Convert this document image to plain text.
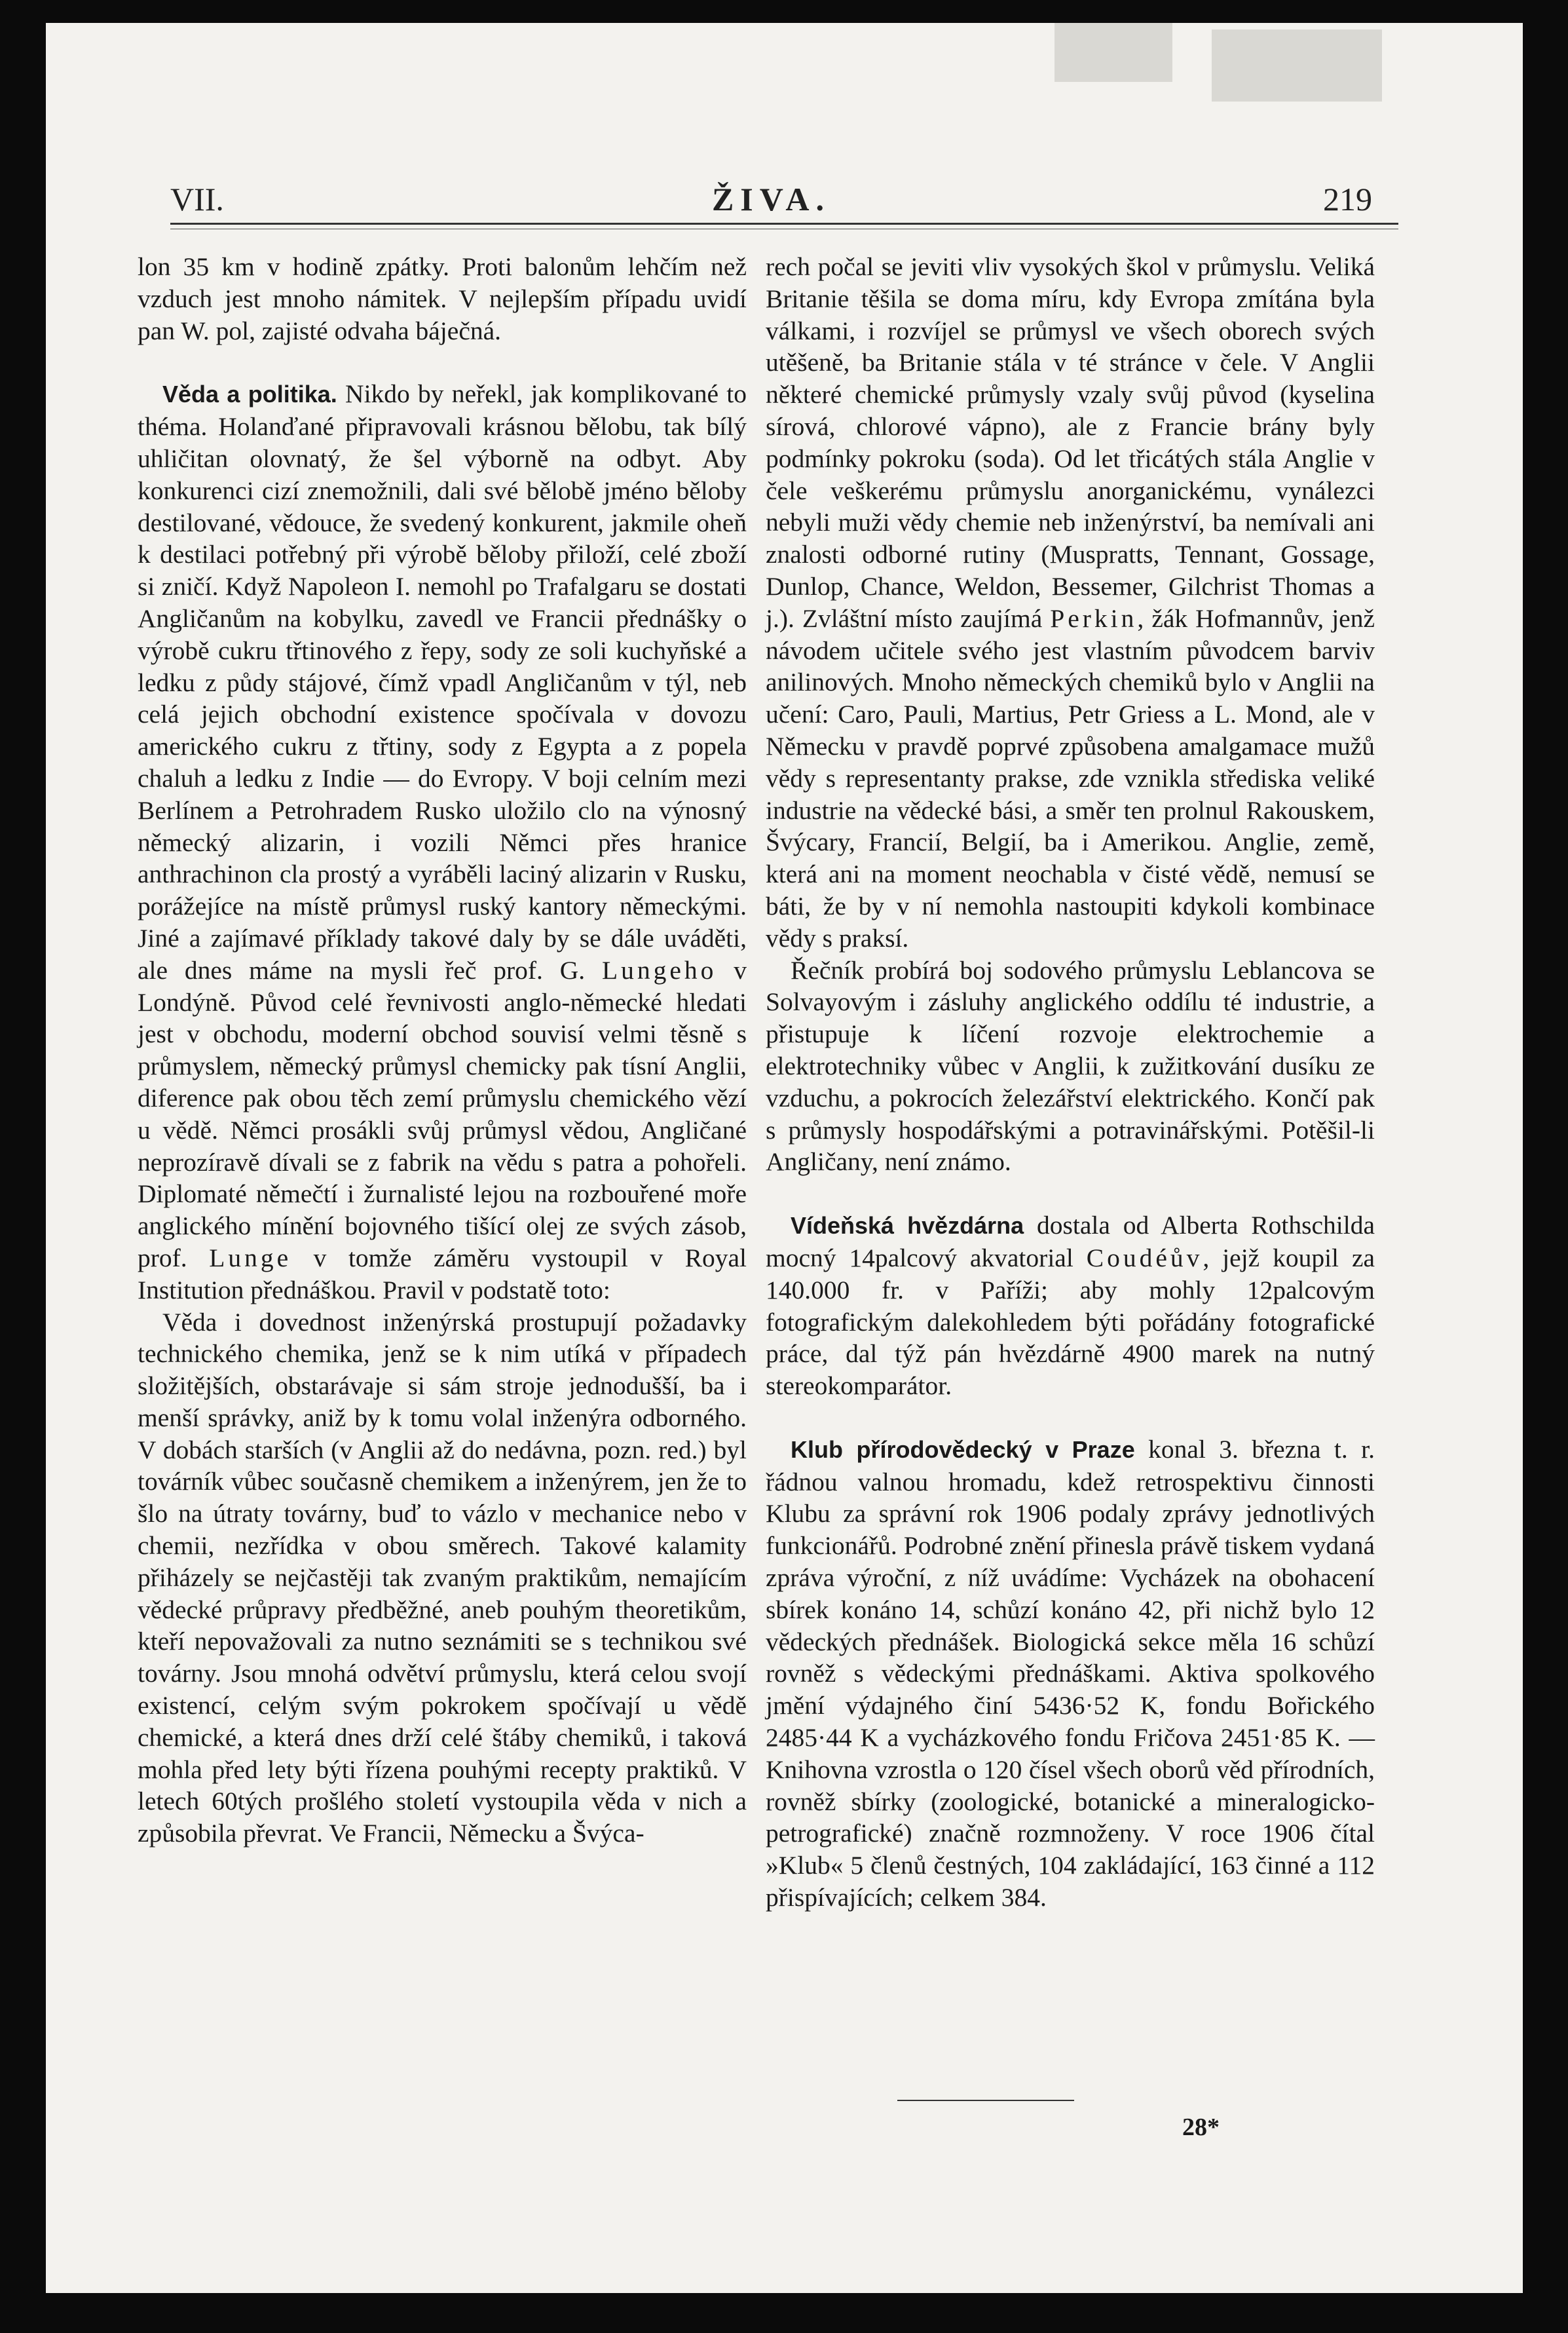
VII.	ŽIVA.	219

lon 35 km v hodině zpátky. Proti balonům lehčím než vzduch jest mnoho námitek. V nejlepším případu uvidí pan W. pol, zajisté odvaha báječná.

Věda a politika. Nikdo by neřekl, jak komplikované to théma. Holanďané připravovali krásnou bělobu, tak bílý uhličitan olovnatý, že šel výborně na odbyt. Aby konkurenci cizí znemožnili, dali své bělobě jméno běloby destilované, vědouce, že svedený konkurent, jakmile oheň k destilaci potřebný při výrobě běloby přiloží, celé zboží si zničí. Když Napoleon I. nemohl po Trafalgaru se dostati Angličanům na kobylku, zavedl ve Francii přednášky o výrobě cukru třtinového z řepy, sody ze soli kuchyňské a ledku z půdy stájové, čímž vpadl Angličanům v týl, neb celá jejich obchodní existence spočívala v dovozu amerického cukru z třtiny, sody z Egypta a z popela chaluh a ledku z Indie — do Evropy. V boji celním mezi Berlínem a Petrohradem Rusko uložilo clo na výnosný německý alizarin, i vozili Němci přes hranice anthrachinon cla prostý a vyráběli laciný alizarin v Rusku, porážejíce na místě průmysl ruský kantory německými. Jiné a zajímavé příklady takové daly by se dále uváděti, ale dnes máme na mysli řeč prof. G. Lungeho v Londýně. Původ celé řevnivosti anglo-německé hledati jest v obchodu, moderní obchod souvisí velmi těsně s průmyslem, německý průmysl chemicky pak tísní Anglii, diference pak obou těch zemí průmyslu chemického vězí u vědě. Němci prosákli svůj průmysl vědou, Angličané neprozíravě dívali se z fabrik na vědu s patra a pohořeli. Diplomaté němečtí i žurnalisté lejou na rozbouřené moře anglického mínění bojovného tišící olej ze svých zásob, prof. Lunge v tomže záměru vystoupil v Royal Institution přednáškou. Pravil v podstatě toto:

Věda i dovednost inženýrská prostupují požadavky technického chemika, jenž se k nim utíká v případech složitějších, obstarávaje si sám stroje jednodušší, ba i menší správky, aniž by k tomu volal inženýra odborného. V dobách starších (v Anglii až do nedávna, pozn. red.) byl továrník vůbec současně chemikem a inženýrem, jen že to šlo na útraty továrny, buď to vázlo v mechanice nebo v chemii, nezřídka v obou směrech. Takové kalamity přiházely se nejčastěji tak zvaným praktikům, nemajícím vědecké průpravy předběžné, aneb pouhým theoretikům, kteří nepovažovali za nutno seznámiti se s technikou své továrny. Jsou mnohá odvětví průmyslu, která celou svojí existencí, celým svým pokrokem spočívají u vědě chemické, a která dnes drží celé štáby chemiků, i taková mohla před lety býti řízena pouhými recepty praktiků. V letech 60tých prošlého století vystoupila věda v nich a způsobila převrat. Ve Francii, Německu a Švýca-

rech počal se jeviti vliv vysokých škol v průmyslu. Veliká Britanie těšila se doma míru, kdy Evropa zmítána byla válkami, i rozvíjel se průmysl ve všech oborech svých utěšeně, ba Britanie stála v té stránce v čele. V Anglii některé chemické průmysly vzaly svůj původ (kyselina sírová, chlorové vápno), ale z Francie brány byly podmínky pokroku (soda). Od let třicátých stála Anglie v čele veškerému průmyslu anorganickému, vynálezci nebyli muži vědy chemie neb inženýrství, ba nemívali ani znalosti odborné rutiny (Muspratts, Tennant, Gossage, Dunlop, Chance, Weldon, Bessemer, Gilchrist Thomas a j.). Zvláštní místo zaujímá Perkin, žák Hofmannův, jenž návodem učitele svého jest vlastním původcem barviv anilinových. Mnoho německých chemiků bylo v Anglii na učení: Caro, Pauli, Martius, Petr Griess a L. Mond, ale v Německu v pravdě poprvé způsobena amalgamace mužů vědy s representanty prakse, zde vznikla střediska veliké industrie na vědecké bási, a směr ten prolnul Rakouskem, Švýcary, Francií, Belgií, ba i Amerikou. Anglie, země, která ani na moment neochabla v čisté vědě, nemusí se báti, že by v ní nemohla nastoupiti kdykoli kombinace vědy s praksí.

Řečník probírá boj sodového průmyslu Leblancova se Solvayovým i zásluhy anglického oddílu té industrie, a přistupuje k líčení rozvoje elektrochemie a elektrotechniky vůbec v Anglii, k zužitkování dusíku ze vzduchu, a pokrocích železářství elektrického. Končí pak s průmysly hospodářskými a potravinářskými. Potěšil-li Angličany, není známo.

Vídeňská hvězdárna dostala od Alberta Rothschilda mocný 14palcový akvatorial Coudéův, jejž koupil za 140.000 fr. v Paříži; aby mohly 12palcovým fotografickým dalekohledem býti pořádány fotografické práce, dal týž pán hvězdárně 4900 marek na nutný stereokomparátor.

Klub přírodovědecký v Praze konal 3. března t. r. řádnou valnou hromadu, kdež retrospektivu činnosti Klubu za správní rok 1906 podaly zprávy jednotlivých funkcionářů. Podrobné znění přinesla právě tiskem vydaná zpráva výroční, z níž uvádíme: Vycházek na obohacení sbírek konáno 14, schůzí konáno 42, při nichž bylo 12 vědeckých přednášek. Biologická sekce měla 16 schůzí rovněž s vědeckými přednáškami. Aktiva spolkového jmění výdajného činí 5436·52 K, fondu Bořického 2485·44 K a vycházkového fondu Fričova 2451·85 K. — Knihovna vzrostla o 120 čísel všech oborů věd přírodních, rovněž sbírky (zoologické, botanické a mineralogicko-petrografické) značně rozmnoženy. V roce 1906 čítal »Klub« 5 členů čestných, 104 zakládající, 163 činné a 112 přispívajících; celkem 384.

28*
